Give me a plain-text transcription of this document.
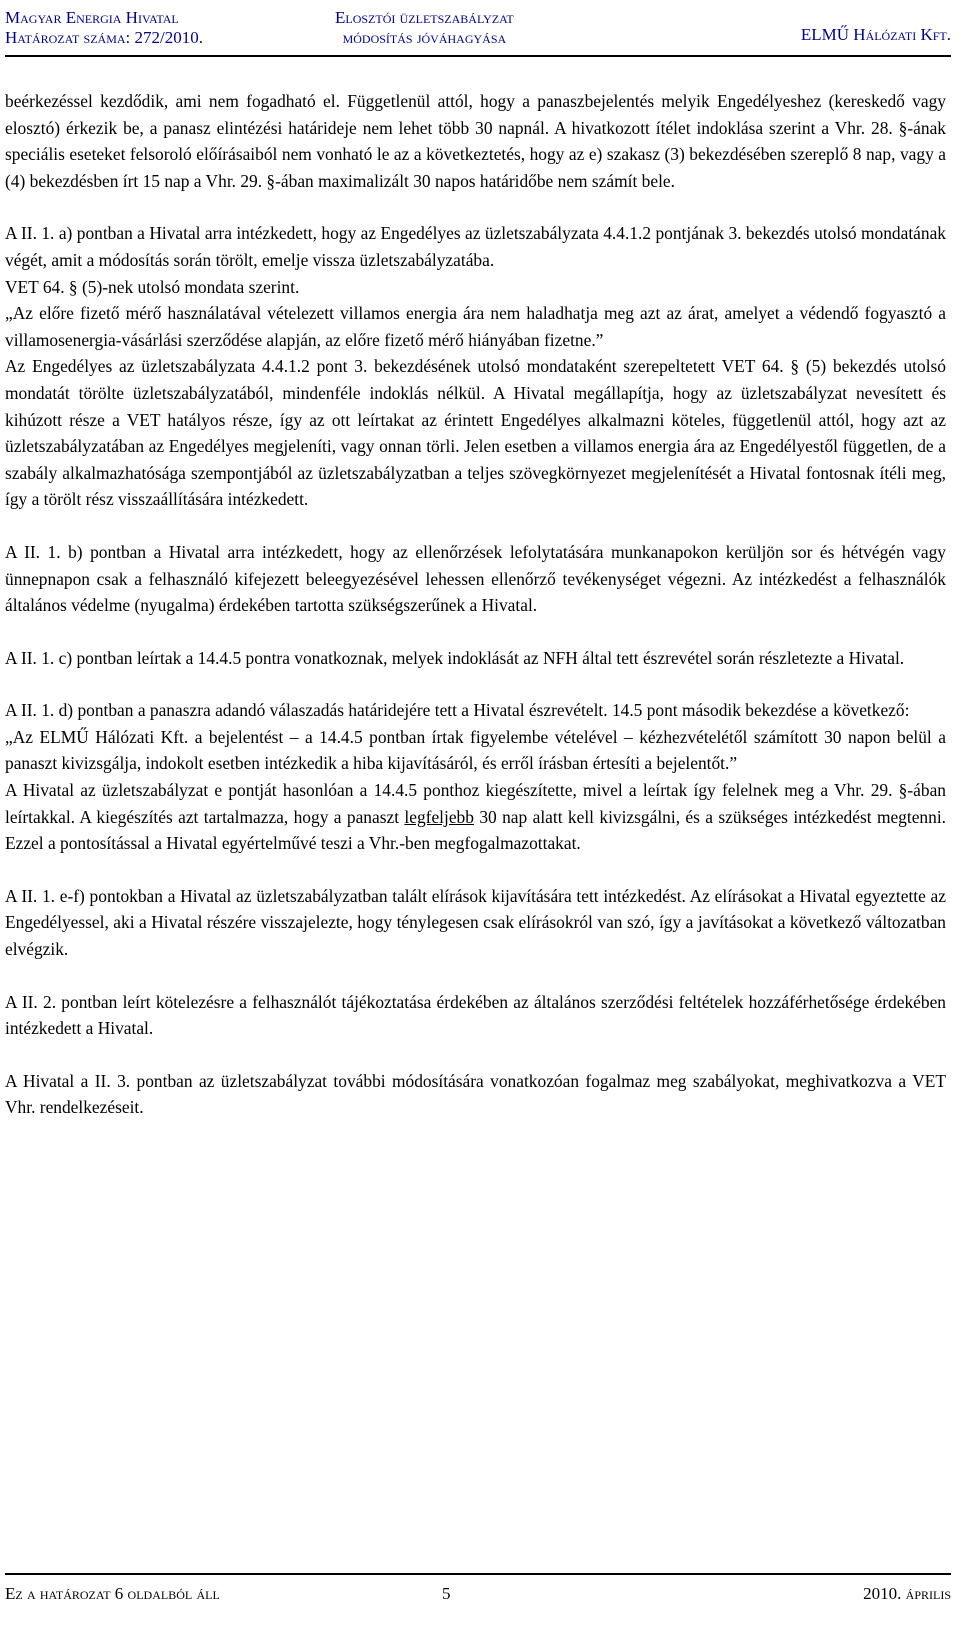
Magyar Energia Hivatal
Határozat száma: 272/2010.
Elosztói üzletszabályzat
módosítás jóváhagyása	ELMŰ Hálózati Kft.

beérkezéssel kezdődik, ami nem fogadható el. Függetlenül attól, hogy a panaszbejelentés melyik Engedélyeshez (kereskedő vagy elosztó) érkezik be, a panasz elintézési határideje nem lehet több 30 napnál. A hivatkozott ítélet indoklása szerint a Vhr. 28. §-ának speciális eseteket felsoroló előírásaiból nem vonható le az a következtetés, hogy az e) szakasz (3) bekezdésében szereplő 8 nap, vagy a (4) bekezdésben írt 15 nap a Vhr. 29. §-ában maximalizált 30 napos határidőbe nem számít bele.

A II. 1. a) pontban a Hivatal arra intézkedett, hogy az Engedélyes az üzletszabályzata 4.4.1.2 pontjának 3. bekezdés utolsó mondatának végét, amit a módosítás során törölt, emelje vissza üzletszabályzatába.

VET 64. § (5)-nek utolsó mondata szerint.

„Az előre fizető mérő használatával vételezett villamos energia ára nem haladhatja meg azt az árat, amelyet a védendő fogyasztó a villamosenergia-vásárlási szerződése alapján, az előre fizető mérő hiányában fizetne.”

Az Engedélyes az üzletszabályzata 4.4.1.2 pont 3. bekezdésének utolsó mondataként szerepeltetett VET 64. § (5) bekezdés utolsó mondatát törölte üzletszabályzatából, mindenféle indoklás nélkül. A Hivatal megállapítja, hogy az üzletszabályzat nevesített és kihúzott része a VET hatályos része, így az ott leírtakat az érintett Engedélyes alkalmazni köteles, függetlenül attól, hogy azt az üzletszabályzatában az Engedélyes megjeleníti, vagy onnan törli. Jelen esetben a villamos energia ára az Engedélyestől független, de a szabály alkalmazhatósága szempontjából az üzletszabályzatban a teljes szövegkörnyezet megjelenítését a Hivatal fontosnak ítéli meg, így a törölt rész visszaállítására intézkedett.

A II. 1. b) pontban a Hivatal arra intézkedett, hogy az ellenőrzések lefolytatására munkanapokon kerüljön sor és hétvégén vagy ünnepnapon csak a felhasználó kifejezett beleegyezésével lehessen ellenőrző tevékenységet végezni. Az intézkedést a felhasználók általános védelme (nyugalma) érdekében tartotta szükségszerűnek a Hivatal.

A II. 1. c) pontban leírtak a 14.4.5 pontra vonatkoznak, melyek indoklását az NFH által tett észrevétel során részletezte a Hivatal.

A II. 1. d) pontban a panaszra adandó válaszadás határidejére tett a Hivatal észrevételt. 14.5 pont második bekezdése a következő:

„Az ELMŰ Hálózati Kft. a bejelentést – a 14.4.5 pontban írtak figyelembe vételével – kézhezvételétől számított 30 napon belül a panaszt kivizsgálja, indokolt esetben intézkedik a hiba kijavításáról, és erről írásban értesíti a bejelentőt.”

A Hivatal az üzletszabályzat e pontját hasonlóan a 14.4.5 ponthoz kiegészítette, mivel a leírtak így felelnek meg a Vhr. 29. §-ában leírtakkal. A kiegészítés azt tartalmazza, hogy a panaszt legfeljebb 30 nap alatt kell kivizsgálni, és a szükséges intézkedést megtenni. Ezzel a pontosítással a Hivatal egyértelművé teszi a Vhr.-ben megfogalmazottakat.

A II. 1. e-f) pontokban a Hivatal az üzletszabályzatban talált elírások kijavítására tett intézkedést. Az elírásokat a Hivatal egyeztette az Engedélyessel, aki a Hivatal részére visszajelezte, hogy ténylegesen csak elírásokról van szó, így a javításokat a következő változatban elvégzik.

A II. 2. pontban leírt kötelezésre a felhasználót tájékoztatása érdekében az általános szerződési feltételek hozzáférhetősége érdekében intézkedett a Hivatal.

A Hivatal a II. 3. pontban az üzletszabályzat további módosítására vonatkozóan fogalmaz meg szabályokat, meghivatkozva a VET Vhr. rendelkezéseit.

Ez a határozat 6 oldalból áll	5	2010. április
